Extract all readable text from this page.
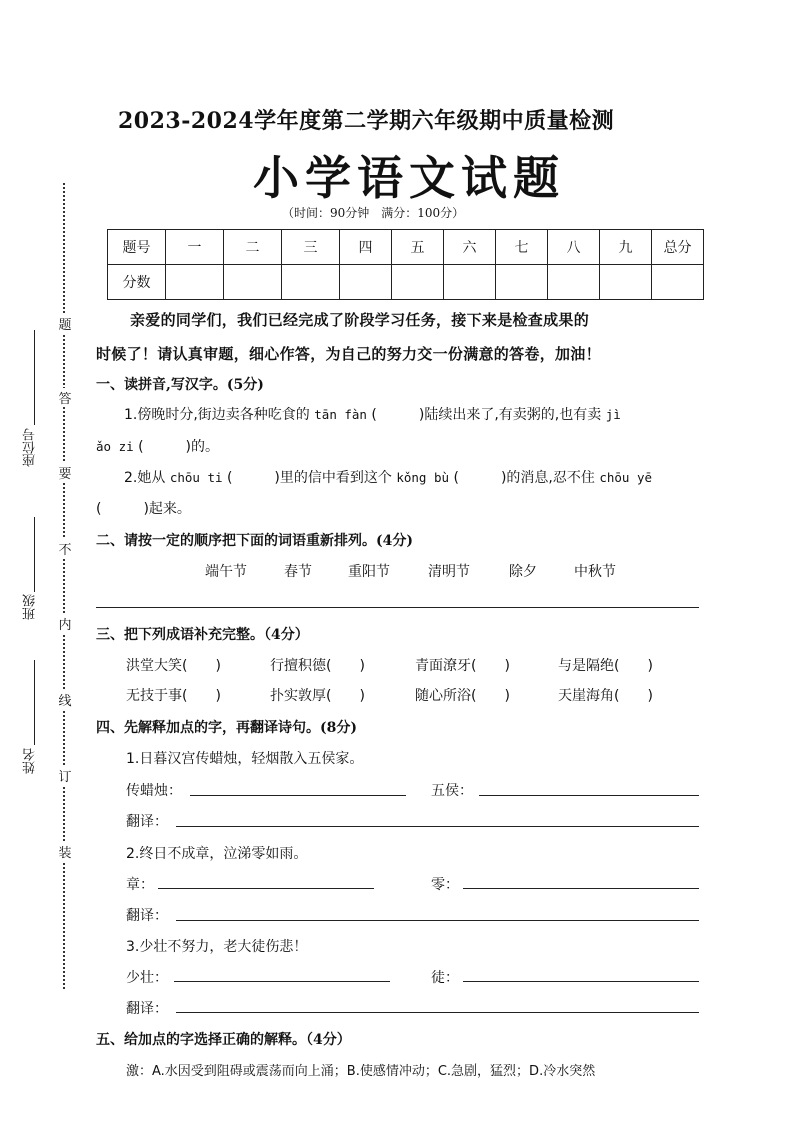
题
答
要
不
内
线
订
装
座位号
班级
姓名
2023-2024学年度第二学期六年级期中质量检测
小学语文试题
（时间：90分钟　满分：100分）
题号	一	二	三	四	五	六	七	八	九	总分
分数										
亲爱的同学们，我们已经完成了阶段学习任务，接下来是检查成果的
时候了！请认真审题，细心作答，为自己的努力交一份满意的答卷，加油！
一、读拼音,写汉字。(5分)
1.傍晚时分,街边卖各种吃食的 tān fàn (　　　)陆续出来了,有卖粥的,也有卖 jì
ǎo zi (　　　)的。
2.她从 chōu ti (　　　)里的信中看到这个 kǒng bù (　　　)的消息,忍不住 chōu yē
(　　　)起来。
二、请按一定的顺序把下面的词语重新排列。(4分)
端午节	春节	重阳节	清明节	除夕	中秋节
三、把下列成语补充完整。（4分）
洪堂大笑(　　)	行擅积德(　　)	青面潦牙(　　)	与是隔绝(　　)
无技于事(　　)	扑实敦厚(　　)	随心所浴(　　)	天崖海角(　　)
四、先解释加点的字，再翻译诗句。(8分)
1.日暮汉宫传蜡烛，轻烟散入五侯家。
传蜡烛：	五侯：
翻译：
2.终日不成章，泣涕零如雨。
章：	零：
翻译：
3.少壮不努力，老大徒伤悲！
少壮：	徒：
翻译：
五、给加点的字选择正确的解释。（4分）
激：A.水因受到阻碍或震荡而向上涌；B.使感情冲动；C.急剧，猛烈；D.冷水突然
